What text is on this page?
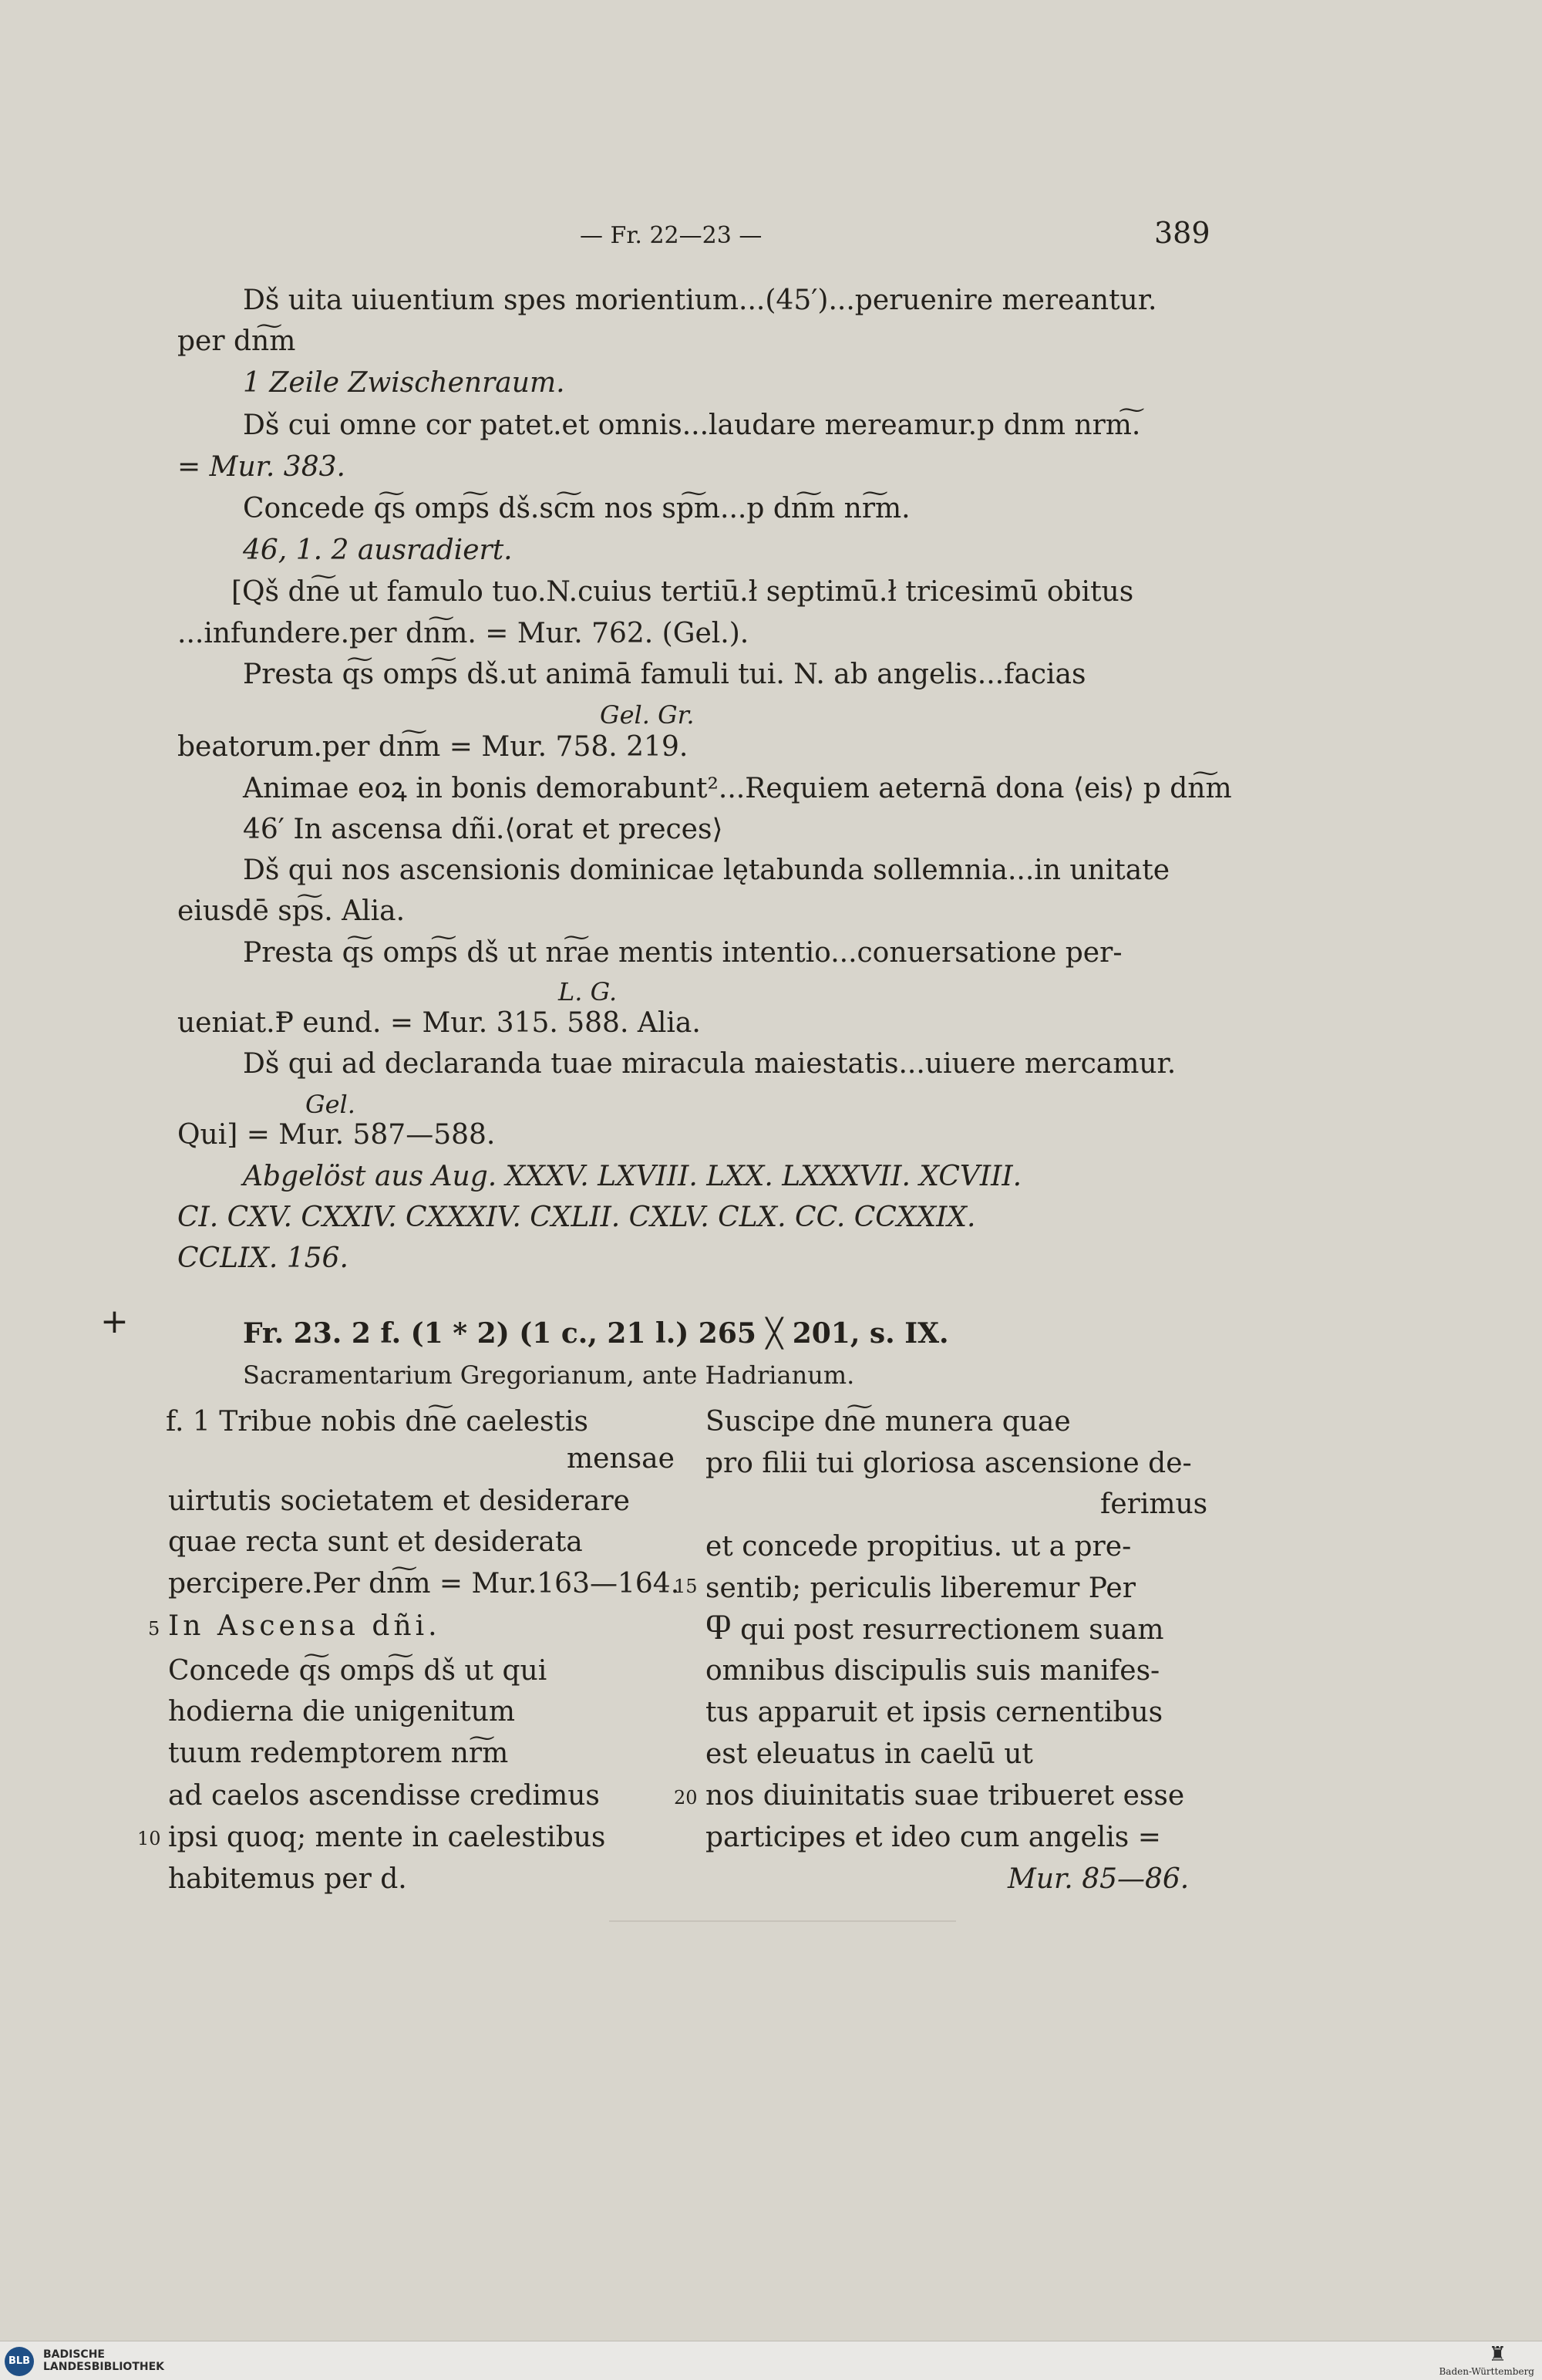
— Fr. 22—23 —	389
Dš uita uiuentium spes morientium...(45′)...peruenire mereantur.
per dn͠m
1 Zeile Zwischenraum.
Dš cui omne cor patet.et omnis...laudare mereamur.p dnm nrm͠.
= Mur. 383.
Concede q͠s omp͠s dš.sc͠m nos sp͠m...p dn͠m nr͠m.
46, 1. 2 ausradiert.
[Qš dn͠e ut famulo tuo.N.cuius tertiū.ł septimū.ł tricesimū obitus
...infundere.per dn͠m. = Mur. 762. (Gel.).
Presta q͠s omp͠s dš.ut animā famuli tui. N. ab angelis...facias
Gel. Gr.
beatorum.per dn͠m = Mur. 758. 219.
Animae eoꝝ in bonis demorabunt²...Requiem aeternā dona ⟨eis⟩ p dn͠m
46′ In ascensa dñi.⟨orat et preces⟩
Dš qui nos ascensionis dominicae lętabunda sollemnia...in unitate
eiusdē sp͠s. Alia.
Presta q͠s omp͠s dš ut nr͠ae mentis intentio...conuersatione per-
L. G.
ueniat.Ᵽ eund. = Mur. 315. 588. Alia.
Dš qui ad declaranda tuae miracula maiestatis...uiuere mercamur.
Gel.
Qui] = Mur. 587—588.
Abgelöst aus Aug. XXXV. LXVIII. LXX. LXXXVII. XCVIII.
CI. CXV. CXXIV. CXXXIV. CXLII. CXLV. CLX. CC. CCXXIX.
CCLIX. 156.
+	Fr. 23. 2 f. (1 * 2) (1 c., 21 l.) 265 ╳ 201, s. IX.
Sacramentarium Gregorianum, ante Hadrianum.
f. 1 Tribue nobis dn͠e caelestis
mensae
uirtutis societatem et desiderare
quae recta sunt et desiderata
percipere.Per dn͠m = Mur.163—164.
In Ascensa dñi.
Concede q͠s omp͠s dš ut qui
hodierna die unigenitum
tuum redemptorem nr͠m
ad caelos ascendisse credimus
ipsi quoq; mente in caelestibus
habitemus per d.
5
10
15
20
Suscipe dn͠e munera quae
pro filii tui gloriosa ascensione de-
ferimus
et concede propitius. ut a pre-
sentib; periculis liberemur Per
Ⴔ qui post resurrectionem suam
omnibus discipulis suis manifes-
tus apparuit et ipsis cernentibus
est eleuatus in caelū ut
nos diuinitatis suae tribueret esse
participes et ideo cum angelis =
Mur. 85—86.
BLB
BADISCHE
LANDESBIBLIOTHEK
♜
Baden-Württemberg
